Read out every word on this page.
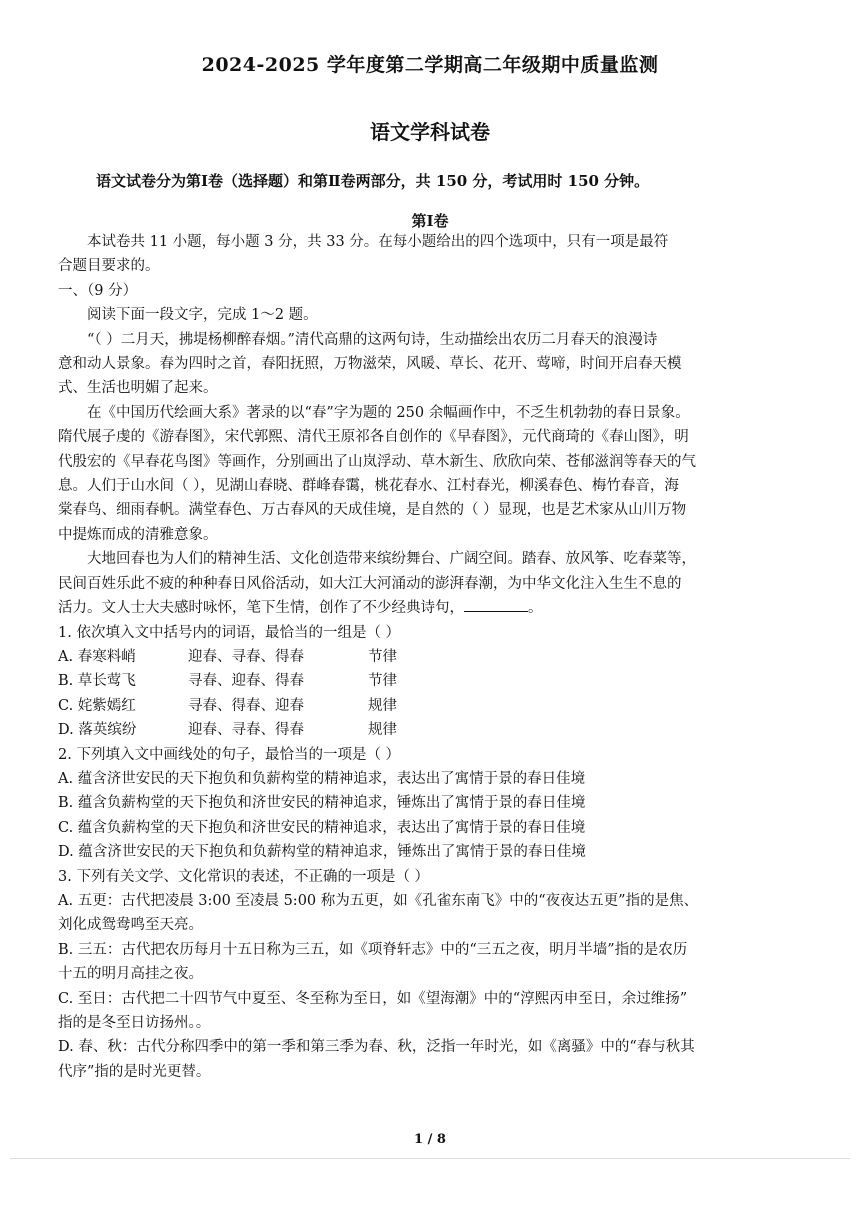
2024-2025 学年度第二学期高二年级期中质量监测
语文学科试卷
语文试卷分为第Ⅰ卷（选择题）和第Ⅱ卷两部分，共 150 分，考试用时 150 分钟。
第Ⅰ卷

本试卷共 11 小题，每小题 3 分，共 33 分。在每小题给出的四个选项中，只有一项是最符

合题目要求的。

一、（9 分）

阅读下面一段文字，完成 1～2 题。

“（ ）二月天，拂堤杨柳醉春烟。”清代高鼎的这两句诗，生动描绘出农历二月春天的浪漫诗

意和动人景象。春为四时之首，春阳抚照，万物滋荣，风暖、草长、花开、莺啼，时间开启春天模

式、生活也明媚了起来。

在《中国历代绘画大系》著录的以“春”字为题的 250 余幅画作中，不乏生机勃勃的春日景象。

隋代展子虔的《游春图》，宋代郭熙、清代王原祁各自创作的《早春图》，元代商琦的《春山图》，明

代殷宏的《早春花鸟图》等画作，分别画出了山岚浮动、草木新生、欣欣向荣、苍郁滋润等春天的气

息。人们于山水间（ ），见湖山春晓、群峰春霭，桃花春水、江村春光，柳溪春色、梅竹春音，海

棠春鸟、细雨春帆。满堂春色、万古春风的天成佳境，是自然的（ ）显现，也是艺术家从山川万物

中提炼而成的清雅意象。

大地回春也为人们的精神生活、文化创造带来缤纷舞台、广阔空间。踏春、放风筝、吃春菜等，

民间百姓乐此不疲的种种春日风俗活动，如大江大河涌动的澎湃春潮，为中华文化注入生生不息的

活力。文人士大夫感时咏怀，笔下生情，创作了不少经典诗句，	。

1. 依次填入文中括号内的词语，最恰当的一组是（ ）

A. 春寒料峭	迎春、寻春、得春	节律
B. 草长莺飞	寻春、迎春、得春	节律
C. 姹紫嫣红	寻春、得春、迎春	规律
D. 落英缤纷	迎春、寻春、得春	规律

2. 下列填入文中画线处的句子，最恰当的一项是（ ）

A. 蕴含济世安民的天下抱负和负薪构堂的精神追求，表达出了寓情于景的春日佳境

B. 蕴含负薪构堂的天下抱负和济世安民的精神追求，锤炼出了寓情于景的春日佳境

C. 蕴含负薪构堂的天下抱负和济世安民的精神追求，表达出了寓情于景的春日佳境

D. 蕴含济世安民的天下抱负和负薪构堂的精神追求，锤炼出了寓情于景的春日佳境

3. 下列有关文学、文化常识的表述，不正确的一项是（ ）

A. 五更：古代把凌晨 3:00 至凌晨 5:00 称为五更，如《孔雀东南飞》中的“夜夜达五更”指的是焦、

刘化成鸳鸯鸣至天亮。

B. 三五：古代把农历每月十五日称为三五，如《项脊轩志》中的“三五之夜，明月半墙”指的是农历

十五的明月高挂之夜。

C. 至日：古代把二十四节气中夏至、冬至称为至日，如《望海潮》中的“淳熙丙申至日，余过维扬”

指的是冬至日访扬州。。

D. 春、秋：古代分称四季中的第一季和第三季为春、秋，泛指一年时光，如《离骚》中的“春与秋其

代序”指的是时光更替。

1 / 8
